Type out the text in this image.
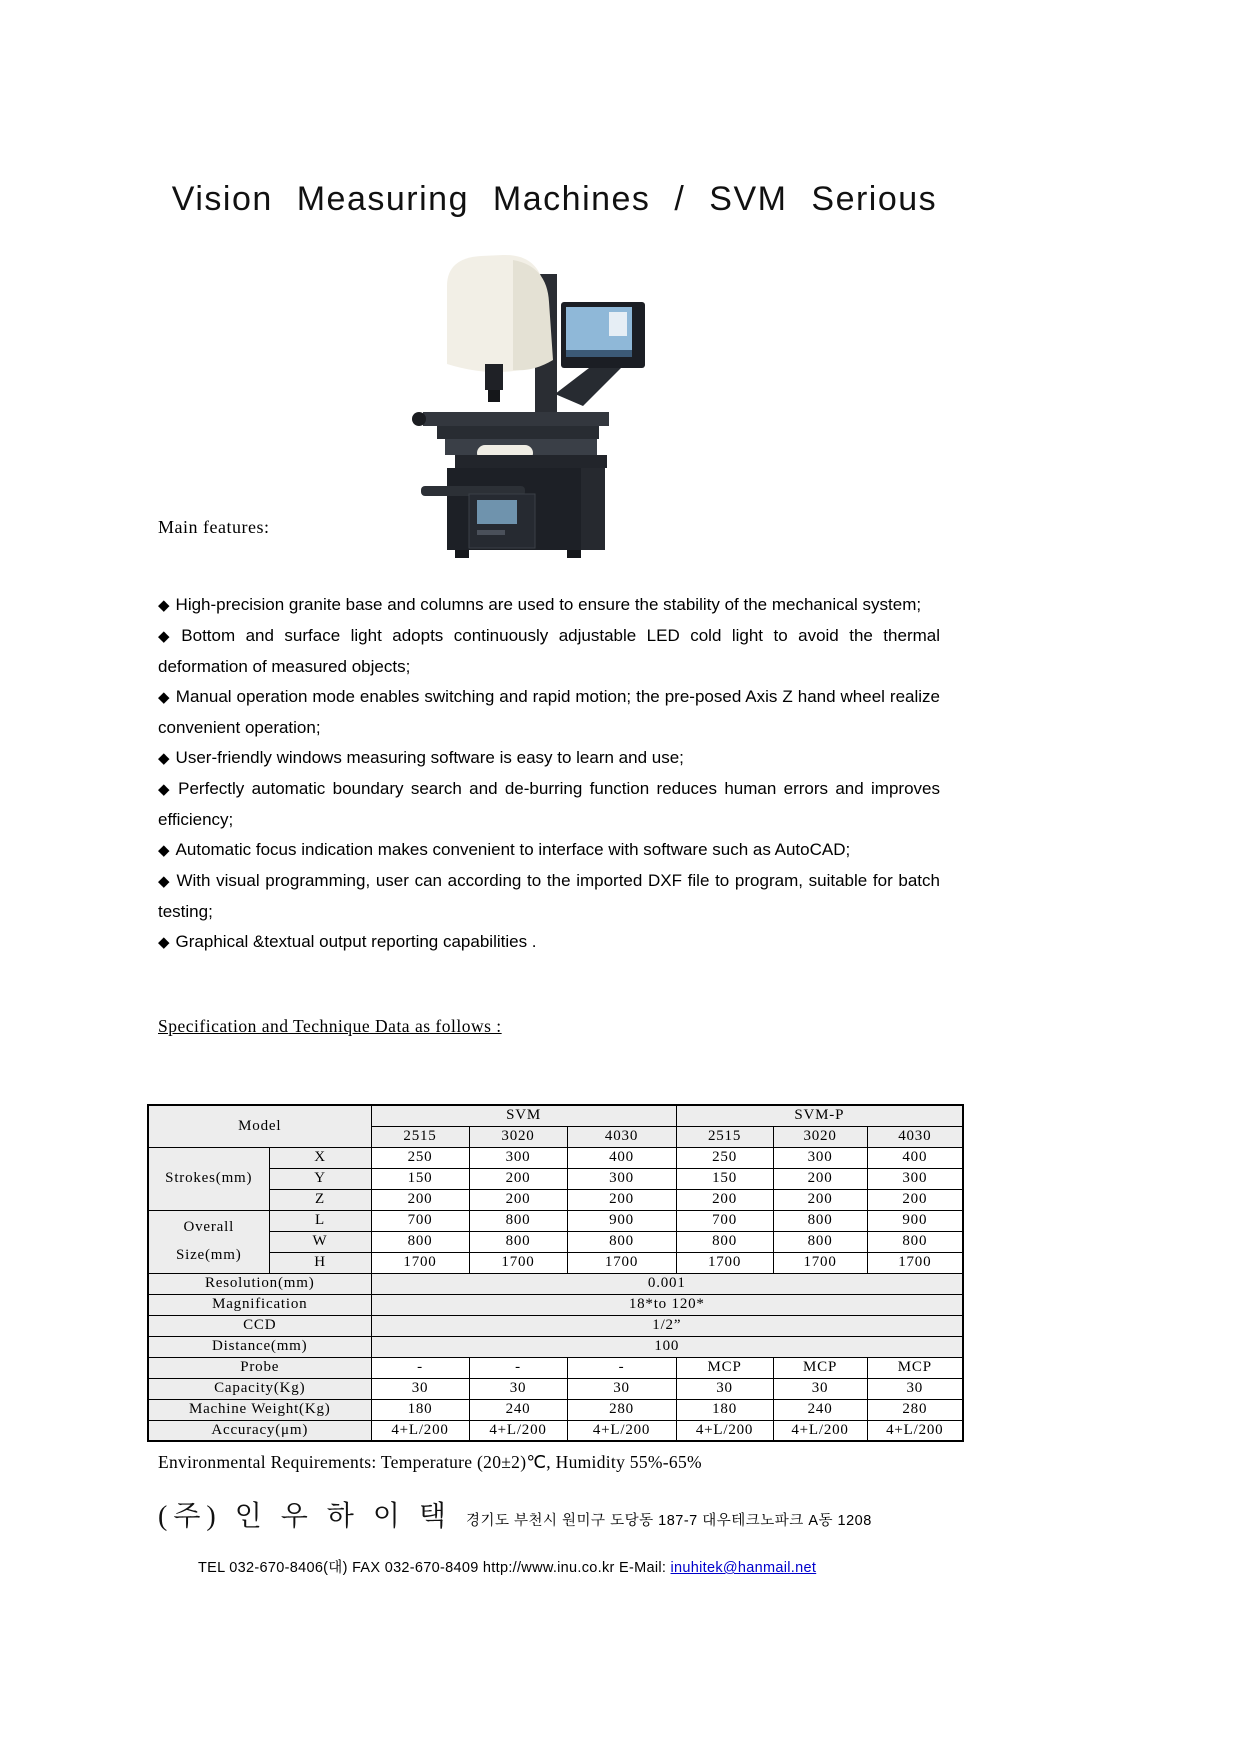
Vision Measuring Machines / SVM Serious
Main features:

◆ High-precision granite base and columns are used to ensure the stability of the mechanical system;

◆ Bottom and surface light adopts continuously adjustable LED cold light to avoid the thermal deformation of measured objects;

◆ Manual operation mode enables switching and rapid motion; the pre-posed Axis Z hand wheel realize convenient operation;

◆ User-friendly windows measuring software is easy to learn and use;

◆ Perfectly automatic boundary search and de-burring function reduces human errors and improves efficiency;

◆ Automatic focus indication makes convenient to interface with software such as AutoCAD;

◆ With visual programming, user can according to the imported DXF file to program, suitable for batch testing;

◆ Graphical &textual output reporting capabilities .

Specification and Technique Data as follows :
Model		SVM			SVM-P		
		2515	3020	4030	2515	3020	4030
Strokes(mm)	X	250	300	400	250	300	400
	Y	150	200	300	150	200	300
	Z	200	200	200	200	200	200

Overall
Size(mm)	L	700	800	900	700	800	900
	W	800	800	800	800	800	800
	H	1700	1700	1700	1700	1700	1700
Resolution(mm)		0.001					
Magnification		18*to 120*					
CCD		1/2”					
Distance(mm)		100					
Probe		-	-	-	MCP	MCP	MCP
Capacity(Kg)		30	30	30	30	30	30
Machine Weight(Kg)		180	240	280	180	240	280
Accuracy(μm)		4+L/200	4+L/200	4+L/200	4+L/200	4+L/200	4+L/200
Environmental Requirements: Temperature (20±2)℃, Humidity 55%-65%
(주) 인 우 하 이 택 경기도 부천시 원미구 도당동 187-7 대우테크노파크 A동 1208
TEL 032-670-8406(대) FAX 032-670-8409 http://www.inu.co.kr E-Mail: inuhitek@hanmail.net
